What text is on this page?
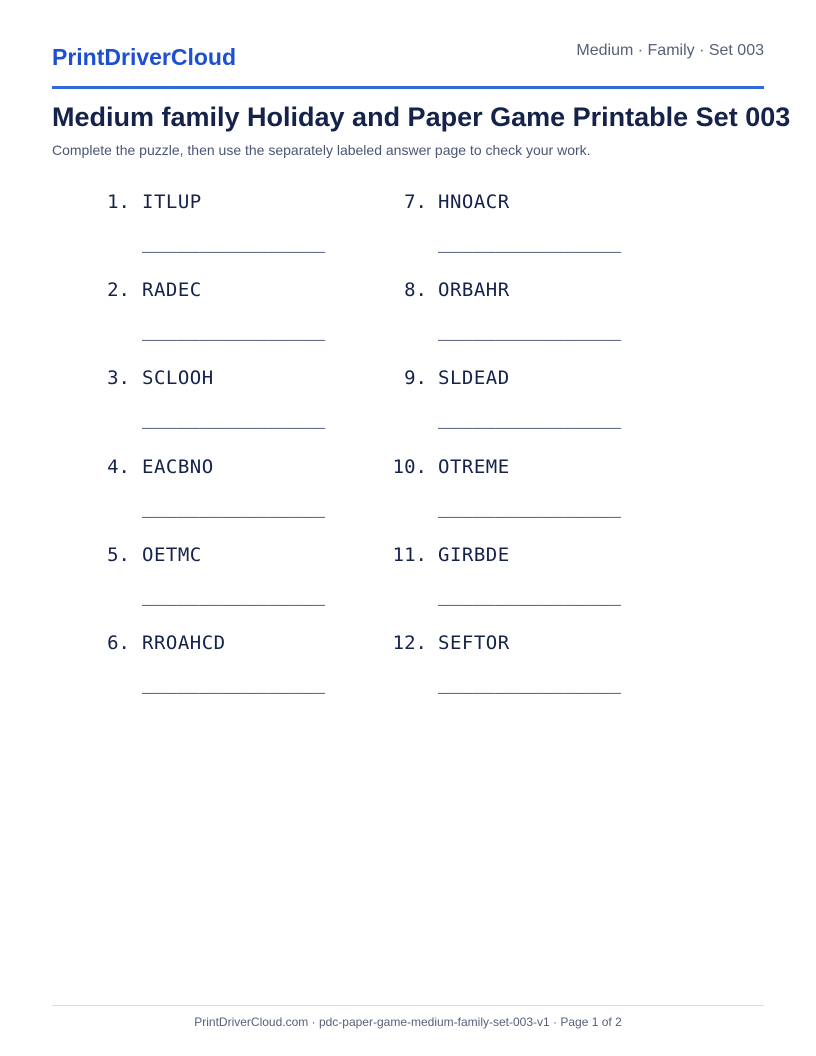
PrintDriverCloud	Medium · Family · Set 003
Medium family Holiday and Paper Game Printable Set 003
Complete the puzzle, then use the separately labeled answer page to check your work.
1. ITLUP
________________
2. RADEC
________________
3. SCLOOH
________________
4. EACBNO
________________
5. OETMC
________________
6. RROAHCD
________________
7. HNOACR
________________
8. ORBAHR
________________
9. SLDEAD
________________
10. OTREME
________________
11. GIRBDE
________________
12. SEFTOR
________________
PrintDriverCloud.com · pdc-paper-game-medium-family-set-003-v1 · Page 1 of 2
